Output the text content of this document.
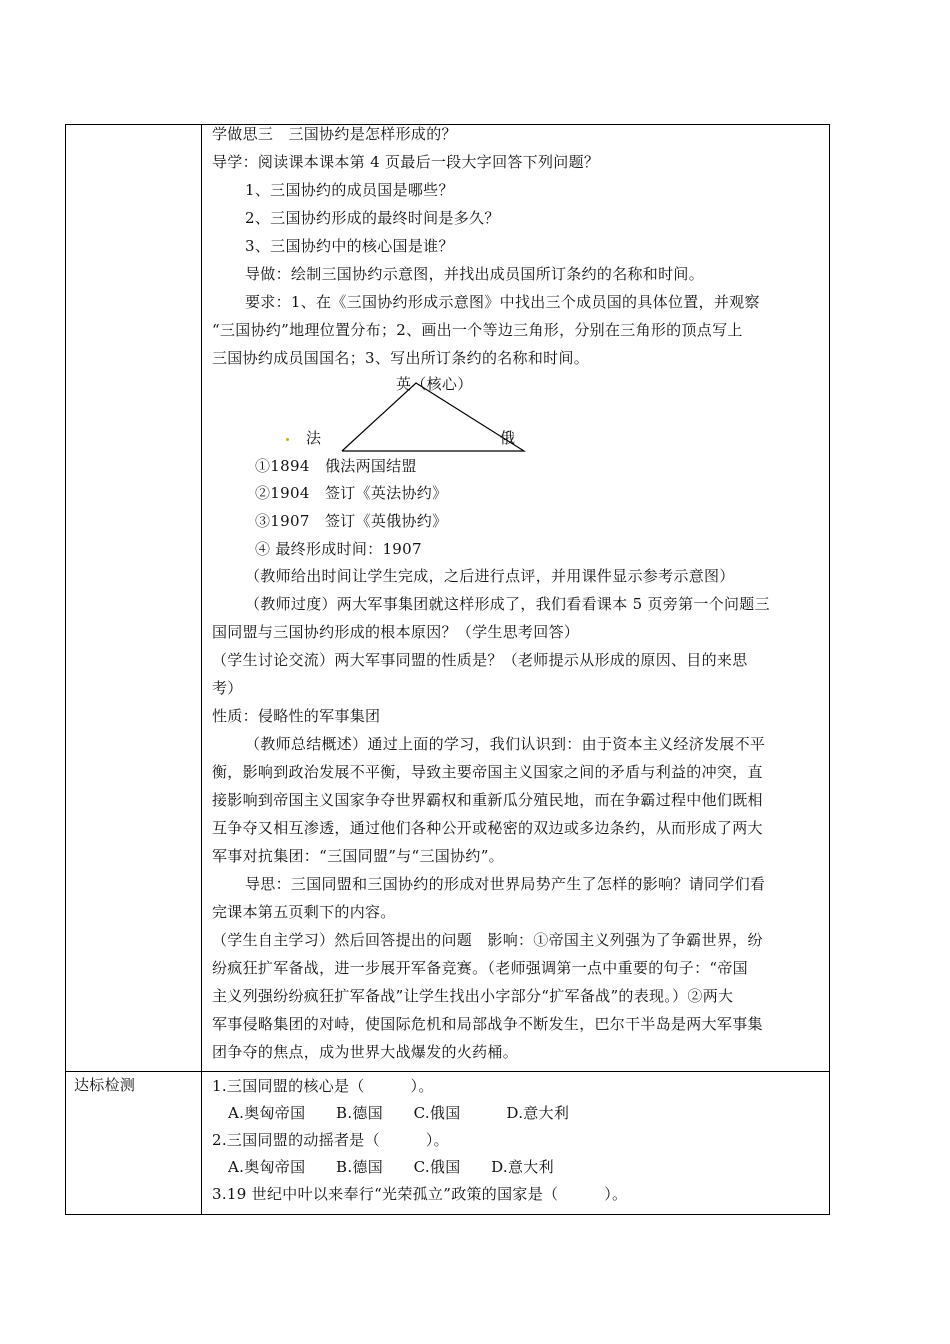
学做思三　三国协约是怎样形成的？
导学：阅读课本课本第 4 页最后一段大字回答下列问题？
1、三国协约的成员国是哪些？
2、三国协约形成的最终时间是多久？
3、三国协约中的核心国是谁？
导做：绘制三国协约示意图，并找出成员国所订条约的名称和时间。
要求：1、在《三国协约形成示意图》中找出三个成员国的具体位置，并观察
“三国协约”地理位置分布；2、画出一个等边三角形，分别在三角形的顶点写上
三国协约成员国国名；3、写出所订条约的名称和时间。
英（核心）
法	俄
①1894　俄法两国结盟
②1904　签订《英法协约》
③1907　签订《英俄协约》
④ 最终形成时间：1907
（教师给出时间让学生完成，之后进行点评，并用课件显示参考示意图）
（教师过度）两大军事集团就这样形成了，我们看看课本 5 页旁第一个问题三
国同盟与三国协约形成的根本原因？（学生思考回答）
（学生讨论交流）两大军事同盟的性质是？（老师提示从形成的原因、目的来思
考）
性质：侵略性的军事集团
（教师总结概述）通过上面的学习，我们认识到：由于资本主义经济发展不平
衡，影响到政治发展不平衡，导致主要帝国主义国家之间的矛盾与利益的冲突，直
接影响到帝国主义国家争夺世界霸权和重新瓜分殖民地，而在争霸过程中他们既相
互争夺又相互渗透，通过他们各种公开或秘密的双边或多边条约，从而形成了两大
军事对抗集团：“三国同盟”与“三国协约”。
导思：三国同盟和三国协约的形成对世界局势产生了怎样的影响？请同学们看
完课本第五页剩下的内容。
（学生自主学习）然后回答提出的问题　影响：①帝国主义列强为了争霸世界，纷
纷疯狂扩军备战，进一步展开军备竞赛。（老师强调第一点中重要的句子：“帝国
主义列强纷纷疯狂扩军备战”让学生找出小字部分“扩军备战”的表现。）②两大
军事侵略集团的对峙，使国际危机和局部战争不断发生，巴尔干半岛是两大军事集
团争夺的焦点，成为世界大战爆发的火药桶。
达标检测	1.三国同盟的核心是（　　　）。
A.奥匈帝国　　B.德国　　C.俄国　　　D.意大利
2.三国同盟的动摇者是（　　　）。
A.奥匈帝国　　B.德国　　C.俄国　　D.意大利
3.19 世纪中叶以来奉行“光荣孤立”政策的国家是（　　　）。
